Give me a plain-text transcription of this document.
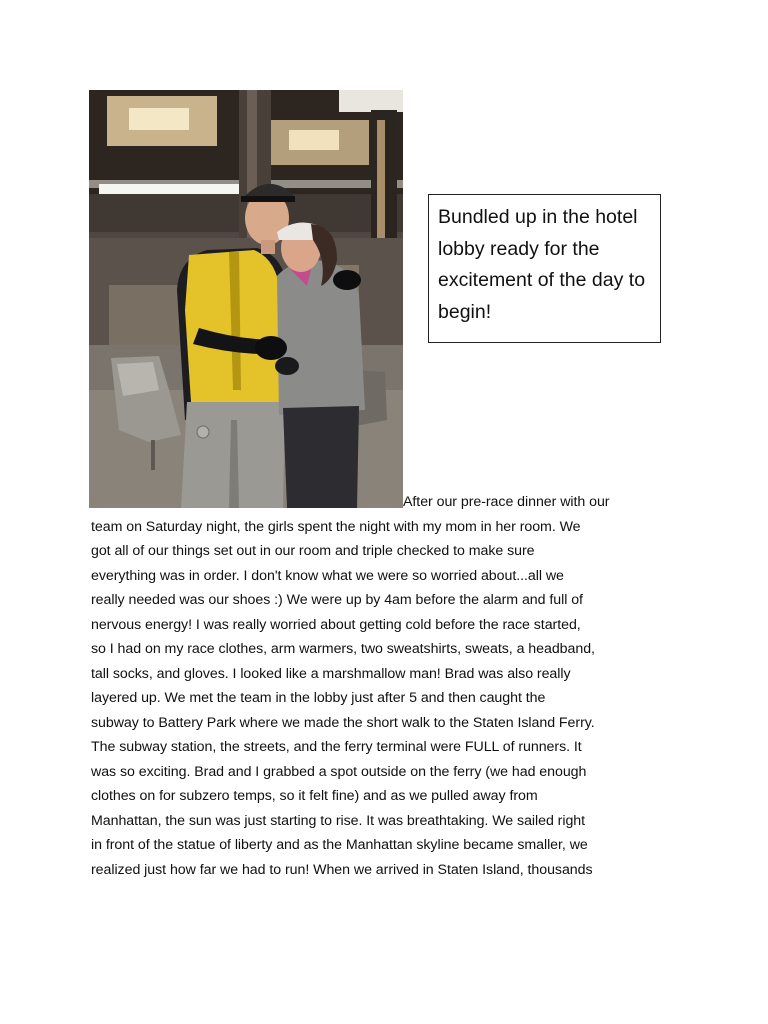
Bundled up in the hotel lobby ready for the excitement of the day to begin!
After our pre-race dinner with our
team on Saturday night, the girls spent the night with my mom in her room. We
got all of our things set out in our room and triple checked to make sure
everything was in order. I don't know what we were so worried about...all we
really needed was our shoes :) We were up by 4am before the alarm and full of
nervous energy! I was really worried about getting cold before the race started,
so I had on my race clothes, arm warmers, two sweatshirts, sweats, a headband,
tall socks, and gloves. I looked like a marshmallow man! Brad was also really
layered up. We met the team in the lobby just after 5 and then caught the
subway to Battery Park where we made the short walk to the Staten Island Ferry.
The subway station, the streets, and the ferry terminal were FULL of runners. It
was so exciting. Brad and I grabbed a spot outside on the ferry (we had enough
clothes on for subzero temps, so it felt fine) and as we pulled away from
Manhattan, the sun was just starting to rise. It was breathtaking. We sailed right
in front of the statue of liberty and as the Manhattan skyline became smaller, we
realized just how far we had to run! When we arrived in Staten Island, thousands
